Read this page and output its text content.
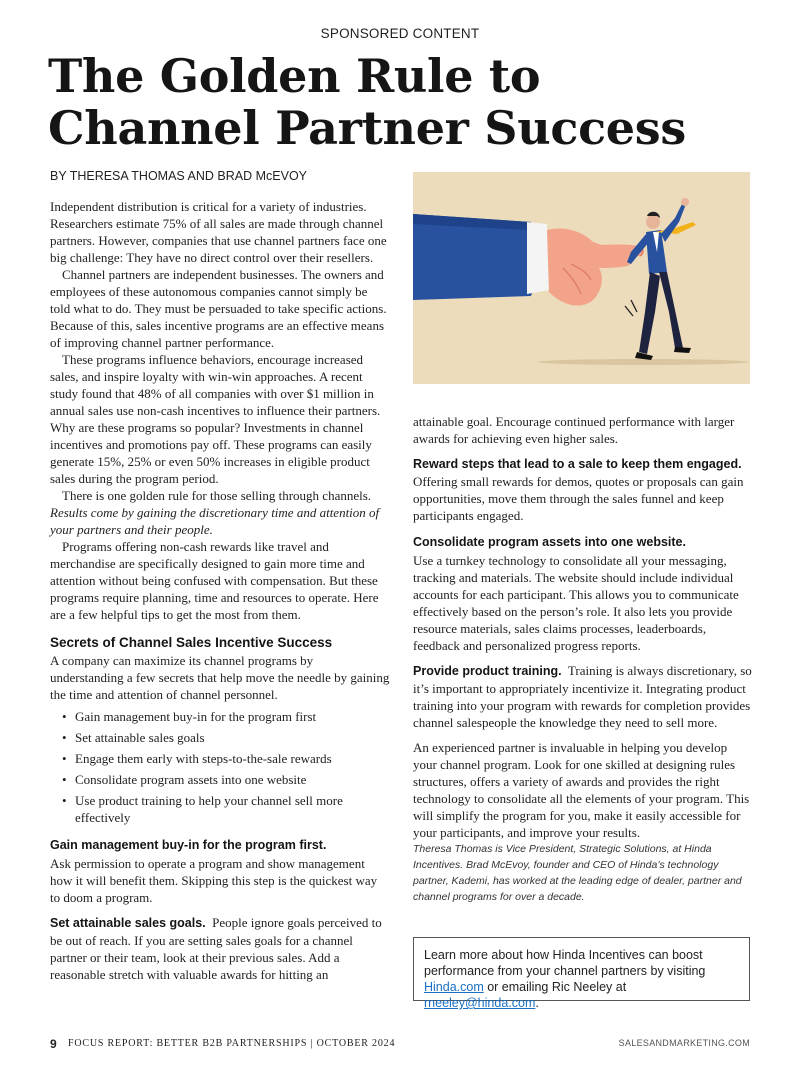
SPONSORED CONTENT
The Golden Rule to
Channel Partner Success
BY THERESA THOMAS AND BRAD McEVOY

Independent distribution is critical for a variety of industries. Researchers estimate 75% of all sales are made through channel partners. However, companies that use channel partners face one big challenge: They have no direct control over their resellers.

Channel partners are independent businesses. The owners and employees of these autonomous companies cannot simply be told what to do. They must be persuaded to take specific actions. Because of this, sales incentive programs are an effective means of improving channel partner performance.

These programs influence behaviors, encourage increased sales, and inspire loyalty with win-win approaches. A recent study found that 48% of all companies with over $1 million in annual sales use non-cash incentives to influence their partners. Why are these programs so popular? Investments in channel incentives and promotions pay off. These programs can easily generate 15%, 25% or even 50% increases in eligible product sales during the program period.

There is one golden rule for those selling through channels. Results come by gaining the discretionary time and attention of your partners and their people.

Programs offering non-cash rewards like travel and merchandise are specifically designed to gain more time and attention without being confused with compensation. But these programs require planning, time and resources to operate. Here are a few helpful tips to get the most from them.

Secrets of Channel Sales Incentive Success

A company can maximize its channel programs by understanding a few secrets that help move the needle by gaining the time and attention of channel personnel.

• Gain management buy-in for the program first
• Set attainable sales goals
• Engage them early with steps-to-the-sale rewards
• Consolidate program assets into one website
• Use product training to help your channel sell more effectively
Gain management buy-in for the program first.

Ask permission to operate a program and show management how it will benefit them. Skipping this step is the quickest way to doom a program.

Set attainable sales goals. People ignore goals perceived to be out of reach. If you are setting sales goals for a channel partner or their team, look at their previous sales. Add a reasonable stretch with valuable awards for hitting an

attainable goal. Encourage continued performance with larger awards for achieving even higher sales.

Reward steps that lead to a sale to keep them engaged.  Offering small rewards for demos, quotes or proposals can gain opportunities, move them through the sales funnel and keep participants engaged.

Consolidate program assets into one website.

Use a turnkey technology to consolidate all your messaging, tracking and materials. The website should include individual accounts for each participant. This allows you to communicate effectively based on the person’s role. It also lets you provide resource materials, sales claims processes, leaderboards, feedback and personalized progress reports.

Provide product training. Training is always discretionary, so it’s important to appropriately incentivize it. Integrating product training into your program with rewards for completion provides channel salespeople the knowledge they need to sell more.

An experienced partner is invaluable in helping you develop your channel program. Look for one skilled at designing rules structures, offers a variety of awards and provides the right technology to consolidate all the elements of your program. This will simplify the program for you, make it easily accessible for your participants, and improve your results.

Theresa Thomas is Vice President, Strategic Solutions, at Hinda Incentives. Brad McEvoy, founder and CEO of Hinda’s technology partner, Kademi, has worked at the leading edge of dealer, partner and channel programs for over a decade.

Learn more about how Hinda Incentives can boost performance from your channel partners by visiting Hinda.com or emailing Ric Neeley at rneeley@hinda.com.
9 FOCUS REPORT: BETTER B2B PARTNERSHIPS | OCTOBER 2024	SALESANDMARKETING.COM
